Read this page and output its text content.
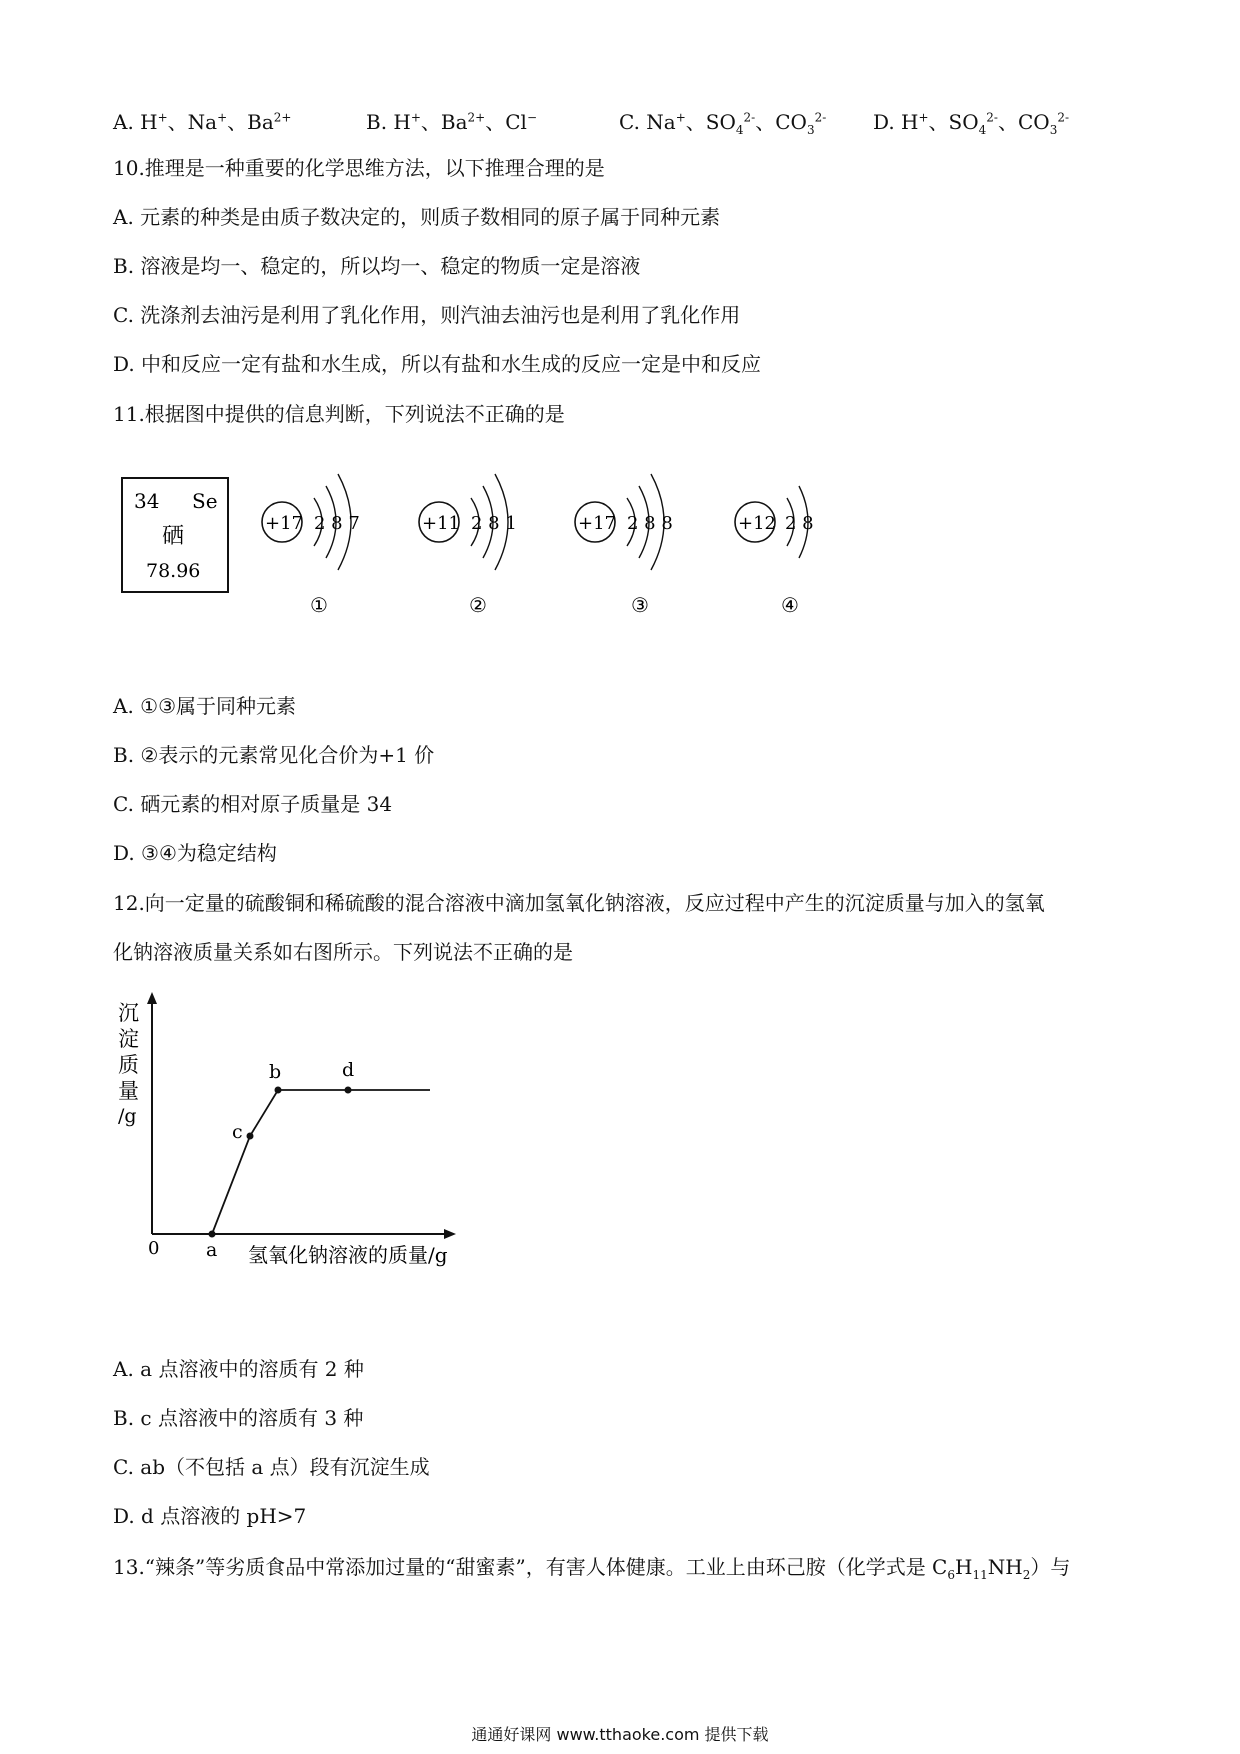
A. H+、Na+、$Ba^{2+}$	B. H+、$Ba^{2+}$、Cl−	C. Na+、$SO_4^{2-}$、$CO_3^{2-}$ D. H+、$SO_4^{2-}$、$CO_3^{2-}$
10.推理是一种重要的化学思维方法，以下推理合理的是
A. 元素的种类是由质子数决定的，则质子数相同的原子属于同种元素
B. 溶液是均一、稳定的，所以均一、稳定的物质一定是溶液
C. 洗涤剂去油污是利用了乳化作用，则汽油去油污也是利用了乳化作用
D. 中和反应一定有盐和水生成，所以有盐和水生成的反应一定是中和反应
11.根据图中提供的信息判断，下列说法不正确的是
34 Se
硒
78.96
+17 2 8 7
①
+11 2 8 1
②
+17 2 8 8
③
+12 2 8
④
A. ①③属于同种元素
B. ②表示的元素常见化合价为+1 价
C. 硒元素的相对原子质量是 34
D. ③④为稳定结构
12.向一定量的硫酸铜和稀硫酸的混合溶液中滴加氢氧化钠溶液，反应过程中产生的沉淀质量与加入的氢氧
化钠溶液质量关系如右图所示。下列说法不正确的是
沉
淀
质
量
/g
0 a
c
b	d
氢氧化钠溶液的质量/g
A. a 点溶液中的溶质有 2 种
B. c 点溶液中的溶质有 3 种
C. ab（不包括 a 点）段有沉淀生成
D. d 点溶液的 pH>7
13.“辣条”等劣质食品中常添加过量的“甜蜜素”，有害人体健康。工业上由环己胺（化学式是 $C_6H_{11}NH_2$）与
通通好课网 www.tthaoke.com 提供下载
